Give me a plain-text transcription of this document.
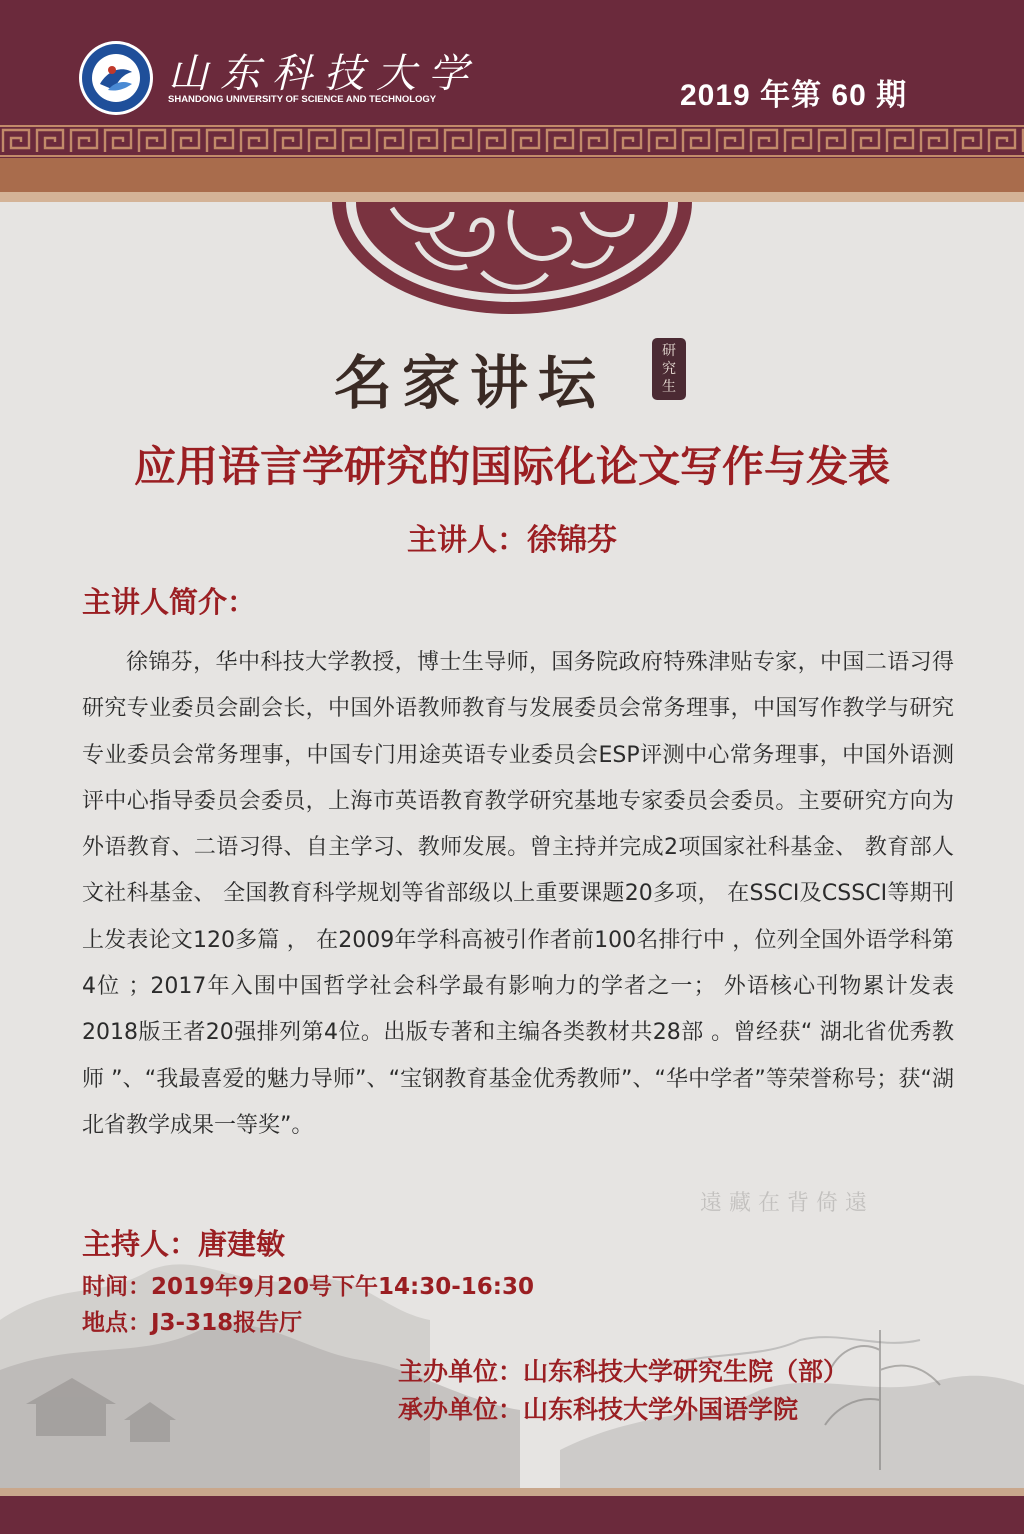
山东科技大学
SHANDONG UNIVERSITY OF SCIENCE AND TECHNOLOGY	2019 年第 60 期
名家讲坛	研究生
应用语言学研究的国际化论文写作与发表
主讲人：徐锦芬
主讲人简介：

徐锦芬，华中科技大学教授，博士生导师，国务院政府特殊津贴专家，中国二语习得研究专业委员会副会长，中国外语教师教育与发展委员会常务理事，中国写作教学与研究专业委员会常务理事，中国专门用途英语专业委员会ESP评测中心常务理事，中国外语测评中心指导委员会委员，上海市英语教育教学研究基地专家委员会委员。主要研究方向为外语教育、二语习得、自主学习、教师发展。曾主持并完成2项国家社科基金、 教育部人文社科基金、 全国教育科学规划等省部级以上重要课题20多项， 在SSCI及CSSCI等期刊上发表论文120多篇 ， 在2009年学科高被引作者前100名排行中 ，位列全国外语学科第4位 ；2017年入围中国哲学社会科学最有影响力的学者之一； 外语核心刊物累计发表2018版王者20强排列第4位。出版专著和主编各类教材共28部 。曾经获“ 湖北省优秀教师 ”、“我最喜爱的魅力导师”、“宝钢教育基金优秀教师”、“华中学者”等荣誉称号；获“湖北省教学成果一等奖”。

遠 藏 在 背 倚 遠
主持人：唐建敏
时间：2019年9月20号下午14:30-16:30
地点：J3-318报告厅
主办单位：山东科技大学研究生院（部）
承办单位：山东科技大学外国语学院
